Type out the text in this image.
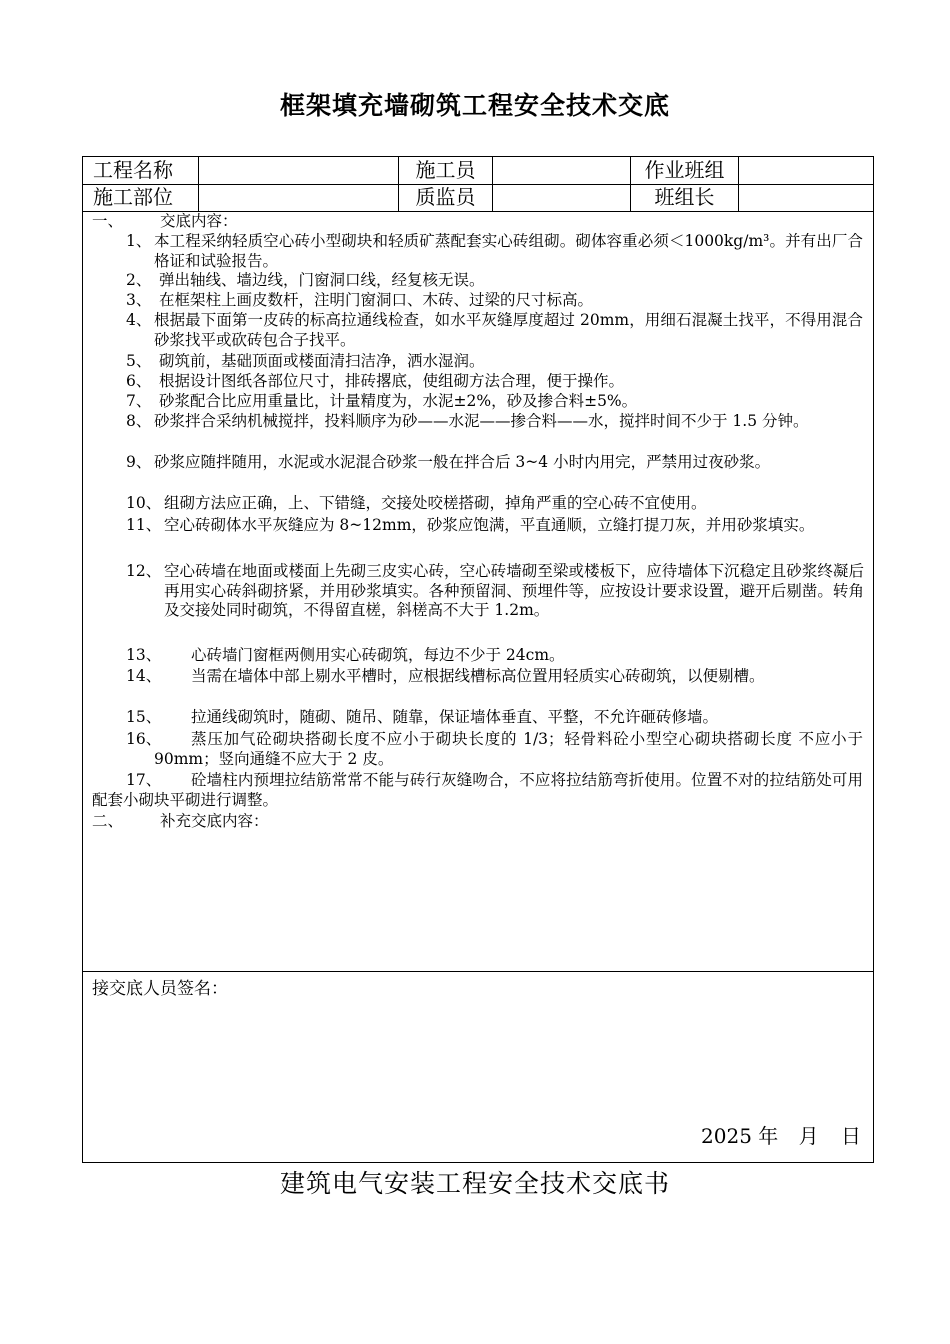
框架填充墙砌筑工程安全技术交底
工程名称	施工员	作业班组
施工部位	质监员	班组长
一、 交底内容：
1、 本工程采纳轻质空心砖小型砌块和轻质矿蒸配套实心砖组砌。砌体容重必须＜1000kg/m³。并有出厂合格证和试验报告。
2、 弹出轴线、墙边线，门窗洞口线，经复核无误。
3、 在框架柱上画皮数杆，注明门窗洞口、木砖、过梁的尺寸标高。
4、 根据最下面第一皮砖的标高拉通线检查，如水平灰缝厚度超过 20mm，用细石混凝土找平，不得用混合砂浆找平或砍砖包合子找平。
5、 砌筑前，基础顶面或楼面清扫洁净，洒水湿润。
6、 根据设计图纸各部位尺寸，排砖撂底，使组砌方法合理，便于操作。
7、 砂浆配合比应用重量比，计量精度为，水泥±2%，砂及掺合料±5%。
8、 砂浆拌合采纳机械搅拌，投料顺序为砂——水泥——掺合料——水，搅拌时间不少于 1.5 分钟。
9、 砂浆应随拌随用，水泥或水泥混合砂浆一般在拌合后 3~4 小时内用完，严禁用过夜砂浆。
10、 组砌方法应正确，上、下错缝，交接处咬槎搭砌，掉角严重的空心砖不宜使用。
11、 空心砖砌体水平灰缝应为 8~12mm，砂浆应饱满，平直通顺，立缝打提刀灰，并用砂浆填实。
12、 空心砖墙在地面或楼面上先砌三皮实心砖，空心砖墙砌至梁或楼板下，应待墙体下沉稳定且砂浆终凝后再用实心砖斜砌挤紧，并用砂浆填实。各种预留洞、预埋件等，应按设计要求设置，避开后剔凿。转角及交接处同时砌筑，不得留直槎，斜槎高不大于 1.2m。
13、 心砖墙门窗框两侧用实心砖砌筑，每边不少于 24cm。
14、	当需在墙体中部上剔水平槽时，应根据线槽标高位置用轻质实心砖砌筑，以便剔槽。
15、 拉通线砌筑时，随砌、随吊、随靠，保证墙体垂直、平整，不允许砸砖修墙。
16、	蒸压加气砼砌块搭砌长度不应小于砌块长度的 1/3；轻骨料砼小型空心砌块搭砌长度 不应小于 90mm；竖向通缝不应大于 2 皮。
17、	砼墙柱内预埋拉结筋常常不能与砖行灰缝吻合，不应将拉结筋弯折使用。位置不对的拉结筋处可用配套小砌块平砌进行调整。
二、 补充交底内容：
接交底人员签名：
2025 年 月 日
建筑电气安装工程安全技术交底书
